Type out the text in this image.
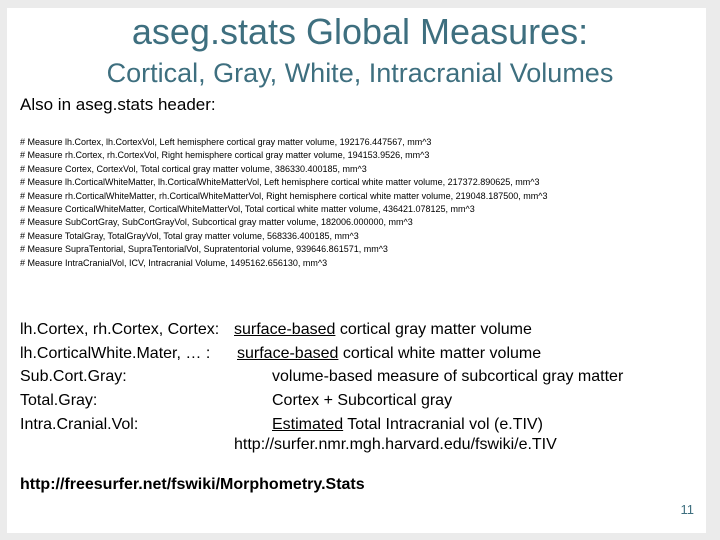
aseg.stats Global Measures:
Cortical, Gray, White, Intracranial Volumes
Also in aseg.stats header:
# Measure lh.Cortex, lh.CortexVol, Left hemisphere cortical gray matter volume, 192176.447567, mm^3
# Measure rh.Cortex, rh.CortexVol, Right hemisphere cortical gray matter volume, 194153.9526, mm^3
# Measure Cortex, CortexVol, Total cortical gray matter volume, 386330.400185, mm^3
# Measure lh.CorticalWhiteMatter, lh.CorticalWhiteMatterVol, Left hemisphere cortical white matter volume, 217372.890625, mm^3
# Measure rh.CorticalWhiteMatter, rh.CorticalWhiteMatterVol, Right hemisphere cortical white matter volume, 219048.187500, mm^3
# Measure CorticalWhiteMatter, CorticalWhiteMatterVol, Total cortical white matter volume, 436421.078125, mm^3
# Measure SubCortGray, SubCortGrayVol, Subcortical gray matter volume, 182006.000000, mm^3
# Measure TotalGray, TotalGrayVol, Total gray matter volume, 568336.400185, mm^3
# Measure SupraTentorial, SupraTentorialVol, Supratentorial volume, 939646.861571, mm^3
# Measure IntraCranialVol, ICV, Intracranial Volume, 1495162.656130, mm^3
lh.Cortex, rh.Cortex, Cortex: surface-based cortical gray matter volume
lh.CorticalWhite.Mater, … : surface-based cortical white matter volume
Sub.Cort.Gray:	volume-based measure of subcortical gray matter
Total.Gray:	Cortex + Subcortical gray
Intra.Cranial.Vol:	Estimated Total Intracranial vol (e.TIV)
http://surfer.nmr.mgh.harvard.edu/fswiki/e.TIV
http://freesurfer.net/fswiki/Morphometry.Stats
11
